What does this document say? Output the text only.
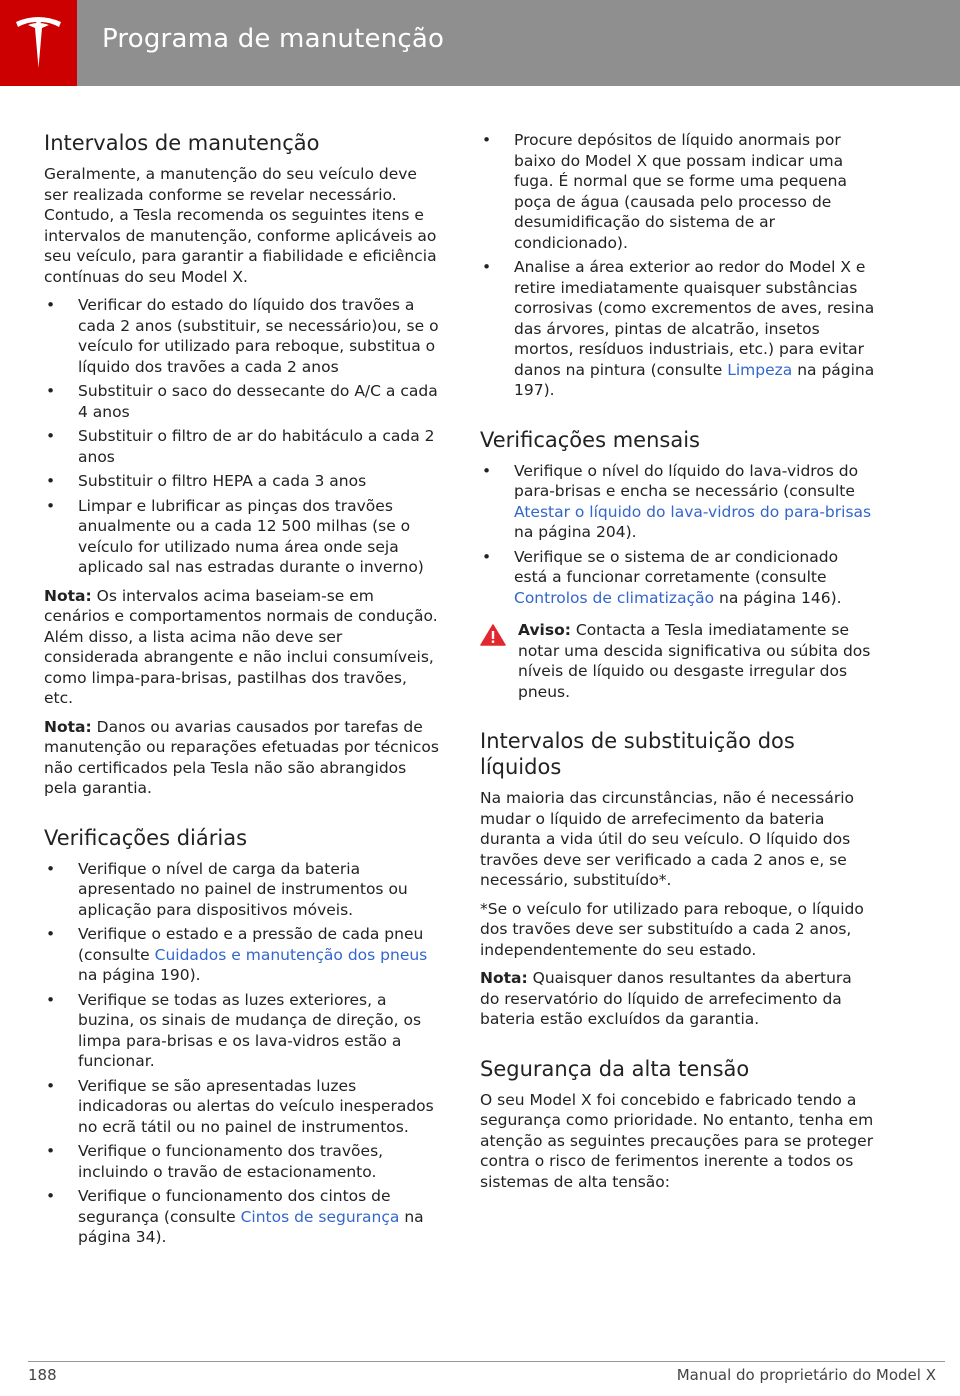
Programa de manutenção
Intervalos de manutenção

Geralmente, a manutenção do seu veículo deve ser realizada conforme se revelar necessário. Contudo, a Tesla recomenda os seguintes itens e intervalos de manutenção, conforme aplicáveis ao seu veículo, para garantir a fiabilidade e eficiência contínuas do seu Model X.

• Verificar do estado do líquido dos travões a cada 2 anos (substituir, se necessário)ou, se o veículo for utilizado para reboque, substitua o líquido dos travões a cada 2 anos
• Substituir o saco do dessecante do A/C a cada 4 anos
• Substituir o filtro de ar do habitáculo a cada 2 anos
• Substituir o filtro HEPA a cada 3 anos
• Limpar e lubrificar as pinças dos travões anualmente ou a cada 12 500 milhas (se o veículo for utilizado numa área onde seja aplicado sal nas estradas durante o inverno)

Nota: Os intervalos acima baseiam-se em cenários e comportamentos normais de condução. Além disso, a lista acima não deve ser considerada abrangente e não inclui consumíveis, como limpa-para-brisas, pastilhas dos travões, etc.

Nota: Danos ou avarias causados por tarefas de manutenção ou reparações efetuadas por técnicos não certificados pela Tesla não são abrangidos pela garantia.

Verificações diárias
• Verifique o nível de carga da bateria apresentado no painel de instrumentos ou aplicação para dispositivos móveis.
• Verifique o estado e a pressão de cada pneu (consulte Cuidados e manutenção dos pneus na página 190).
• Verifique se todas as luzes exteriores, a buzina, os sinais de mudança de direção, os limpa para-brisas e os lava-vidros estão a funcionar.
• Verifique se são apresentadas luzes indicadoras ou alertas do veículo inesperados no ecrã tátil ou no painel de instrumentos.
• Verifique o funcionamento dos travões, incluindo o travão de estacionamento.
• Verifique o funcionamento dos cintos de segurança (consulte Cintos de segurança na página 34).
• Procure depósitos de líquido anormais por baixo do Model X que possam indicar uma fuga. É normal que se forme uma pequena poça de água (causada pelo processo de desumidificação do sistema de ar condicionado).
• Analise a área exterior ao redor do Model X e retire imediatamente quaisquer substâncias corrosivas (como excrementos de aves, resina das árvores, pintas de alcatrão, insetos mortos, resíduos industriais, etc.) para evitar danos na pintura (consulte Limpeza na página 197).
Verificações mensais
• Verifique o nível do líquido do lava-vidros do para-brisas e encha se necessário (consulte Atestar o líquido do lava-vidros do para-brisas na página 204).
• Verifique se o sistema de ar condicionado está a funcionar corretamente (consulte Controlos de climatização na página 146).

Aviso: Contacta a Tesla imediatamente se notar uma descida significativa ou súbita dos níveis de líquido ou desgaste irregular dos pneus.

Intervalos de substituição dos líquidos

Na maioria das circunstâncias, não é necessário mudar o líquido de arrefecimento da bateria duranta a vida útil do seu veículo. O líquido dos travões deve ser verificado a cada 2 anos e, se necessário, substituído*.

*Se o veículo for utilizado para reboque, o líquido dos travões deve ser substituído a cada 2 anos, independentemente do seu estado.

Nota: Quaisquer danos resultantes da abertura do reservatório do líquido de arrefecimento da bateria estão excluídos da garantia.

Segurança da alta tensão

O seu Model X foi concebido e fabricado tendo a segurança como prioridade. No entanto, tenha em atenção as seguintes precauções para se proteger contra o risco de ferimentos inerente a todos os sistemas de alta tensão:

188	Manual do proprietário do Model X
